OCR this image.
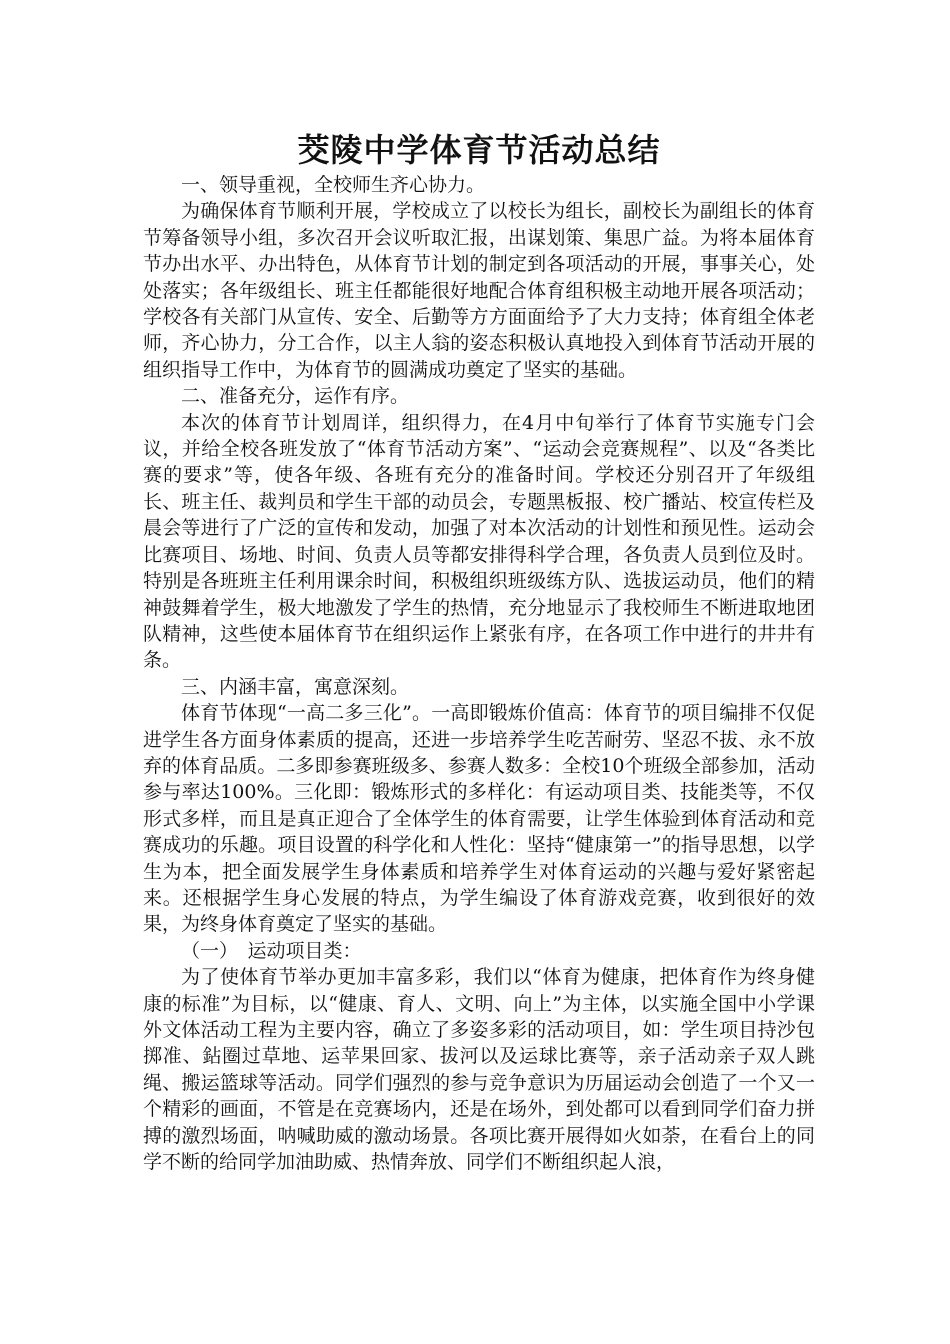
茭陵中学体育节活动总结

一、领导重视，全校师生齐心协力。

为确保体育节顺利开展，学校成立了以校长为组长，副校长为副组长的体育节筹备领导小组，多次召开会议听取汇报，出谋划策、集思广益。为将本届体育节办出水平、办出特色，从体育节计划的制定到各项活动的开展，事事关心，处处落实；各年级组长、班主任都能很好地配合体育组积极主动地开展各项活动；学校各有关部门从宣传、安全、后勤等方方面面给予了大力支持；体育组全体老师，齐心协力，分工合作，以主人翁的姿态积极认真地投入到体育节活动开展的组织指导工作中，为体育节的圆满成功奠定了坚实的基础。

二、准备充分，运作有序。

本次的体育节计划周详，组织得力，在4月中旬举行了体育节实施专门会议，并给全校各班发放了“体育节活动方案”、“运动会竞赛规程”、以及“各类比赛的要求”等，使各年级、各班有充分的准备时间。学校还分别召开了年级组长、班主任、裁判员和学生干部的动员会，专题黑板报、校广播站、校宣传栏及晨会等进行了广泛的宣传和发动，加强了对本次活动的计划性和预见性。运动会比赛项目、场地、时间、负责人员等都安排得科学合理，各负责人员到位及时。特别是各班班主任利用课余时间，积极组织班级练方队、选拔运动员，他们的精神鼓舞着学生，极大地激发了学生的热情，充分地显示了我校师生不断进取地团队精神，这些使本届体育节在组织运作上紧张有序，在各项工作中进行的井井有条。

三、内涵丰富，寓意深刻。

体育节体现“一高二多三化”。一高即锻炼价值高：体育节的项目编排不仅促进学生各方面身体素质的提高，还进一步培养学生吃苦耐劳、坚忍不拔、永不放弃的体育品质。二多即参赛班级多、参赛人数多：全校10个班级全部参加，活动参与率达100%。三化即：锻炼形式的多样化：有运动项目类、技能类等，不仅形式多样，而且是真正迎合了全体学生的体育需要，让学生体验到体育活动和竞赛成功的乐趣。项目设置的科学化和人性化：坚持“健康第一”的指导思想，以学生为本，把全面发展学生身体素质和培养学生对体育运动的兴趣与爱好紧密起来。还根据学生身心发展的特点，为学生编设了体育游戏竞赛，收到很好的效果，为终身体育奠定了坚实的基础。

（一）　运动项目类：

为了使体育节举办更加丰富多彩，我们以“体育为健康，把体育作为终身健康的标准”为目标，以“健康、育人、文明、向上”为主体，以实施全国中小学课外文体活动工程为主要内容，确立了多姿多彩的活动项目，如：学生项目持沙包掷准、鉆圈过草地、运苹果回家、拔河以及运球比赛等，亲子活动亲子双人跳绳、搬运篮球等活动。同学们强烈的参与竞争意识为历届运动会创造了一个又一个精彩的画面，不管是在竞赛场内，还是在场外，到处都可以看到同学们奋力拼搏的激烈场面，呐喊助威的激动场景。各项比赛开展得如火如荼，在看台上的同学不断的给同学加油助威、热情奔放、同学们不断组织起人浪，
